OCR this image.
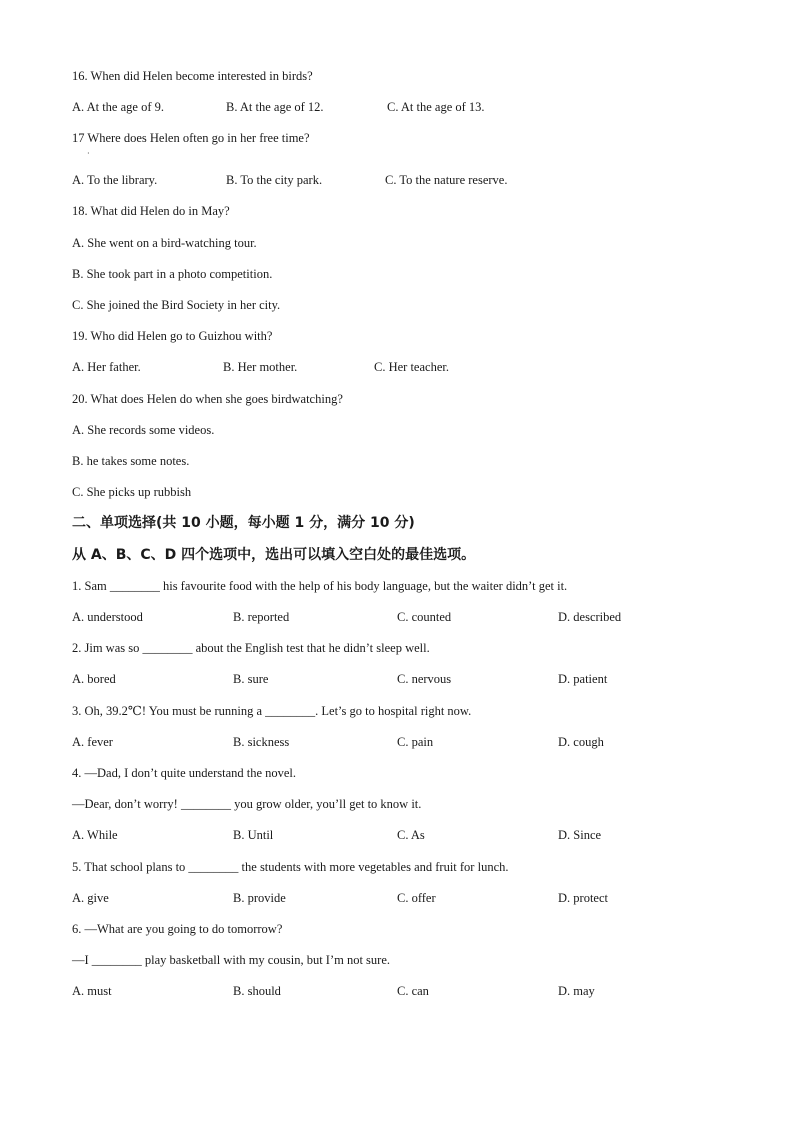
16. When did Helen become interested in birds?
A. At the age of 9.	B. At the age of 12.	C. At the age of 13.
17 Where does Helen often go in her free time?
·
A. To the library.	B. To the city park.	C. To the nature reserve.
18. What did Helen do in May?
A. She went on a bird-watching tour.
B. She took part in a photo competition.
C. She joined the Bird Society in her city.
19. Who did Helen go to Guizhou with?
A. Her father.	B. Her mother.	C. Her teacher.
20. What does Helen do when she goes birdwatching?
A. She records some videos.
B. he takes some notes.
C. She picks up rubbish
二、单项选择(共 10 小题，每小题 1 分，满分 10 分)
从 A、B、C、D 四个选项中，选出可以填入空白处的最佳选项。
1. Sam ________ his favourite food with the help of his body language, but the waiter didn’t get it.
A. understood	B. reported	C. counted	D. described
2. Jim was so ________ about the English test that he didn’t sleep well.
A. bored	B. sure	C. nervous	D. patient
3. Oh, 39.2℃! You must be running a ________. Let’s go to hospital right now.
A. fever	B. sickness	C. pain	D. cough
4. —Dad, I don’t quite understand the novel.
—Dear, don’t worry! ________ you grow older, you’ll get to know it.
A. While	B. Until	C. As	D. Since
5. That school plans to ________ the students with more vegetables and fruit for lunch.
A. give	B. provide	C. offer	D. protect
6. —What are you going to do tomorrow?
—I ________ play basketball with my cousin, but I’m not sure.
A. must	B. should	C. can	D. may
